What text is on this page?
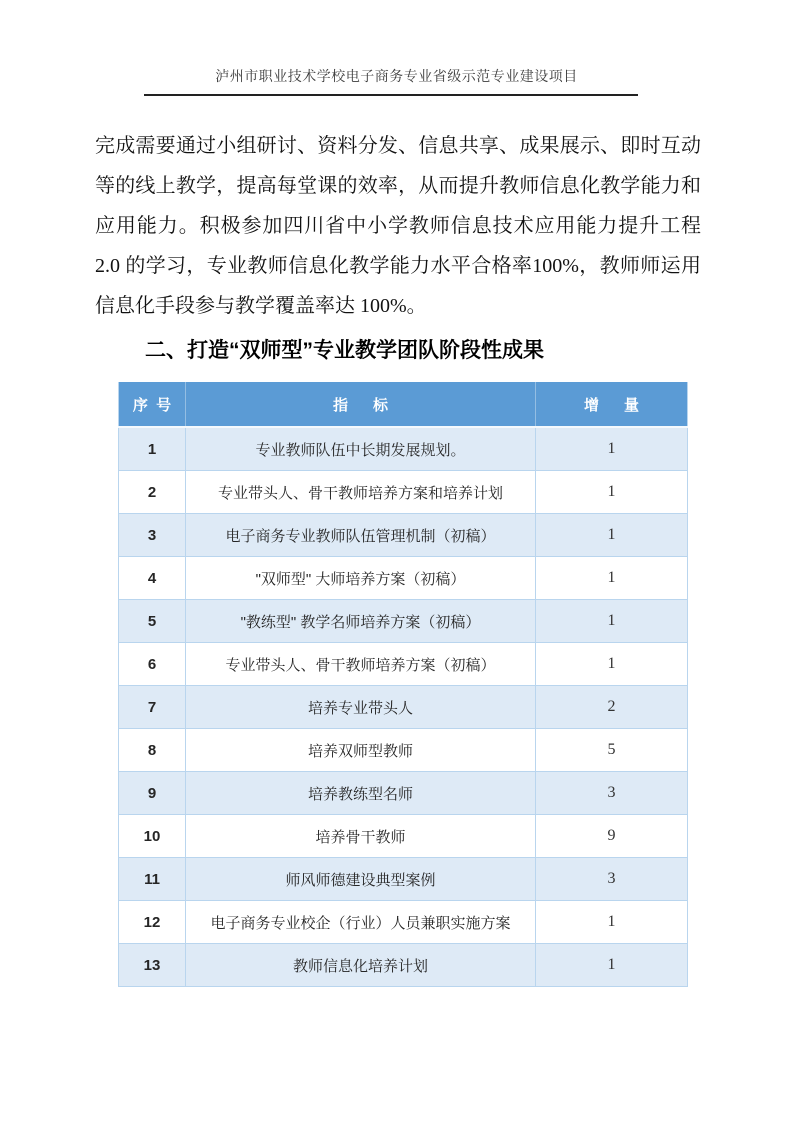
泸州市职业技术学校电子商务专业省级示范专业建设项目
完成需要通过小组研讨、资料分发、信息共享、成果展示、即时互动等的线上教学，提高每堂课的效率，从而提升教师信息化教学能力和应用能力。积极参加四川省中小学教师信息技术应用能力提升工程 2.0 的学习，专业教师信息化教学能力水平合格率100%，教师师运用信息化手段参与教学覆盖率达 100%。
二、打造“双师型”专业教学团队阶段性成果
序  号	指      标	增      量
1	专业教师队伍中长期发展规划。	1
2	专业带头人、骨干教师培养方案和培养计划	1
3	电子商务专业教师队伍管理机制（初稿）	1
4	"双师型" 大师培养方案（初稿）	1
5	"教练型" 教学名师培养方案（初稿）	1
6	专业带头人、骨干教师培养方案（初稿）	1
7	培养专业带头人	2
8	培养双师型教师	5
9	培养教练型名师	3
10	培养骨干教师	9
11	师风师德建设典型案例	3
12	电子商务专业校企（行业）人员兼职实施方案	1
13	教师信息化培养计划	1
